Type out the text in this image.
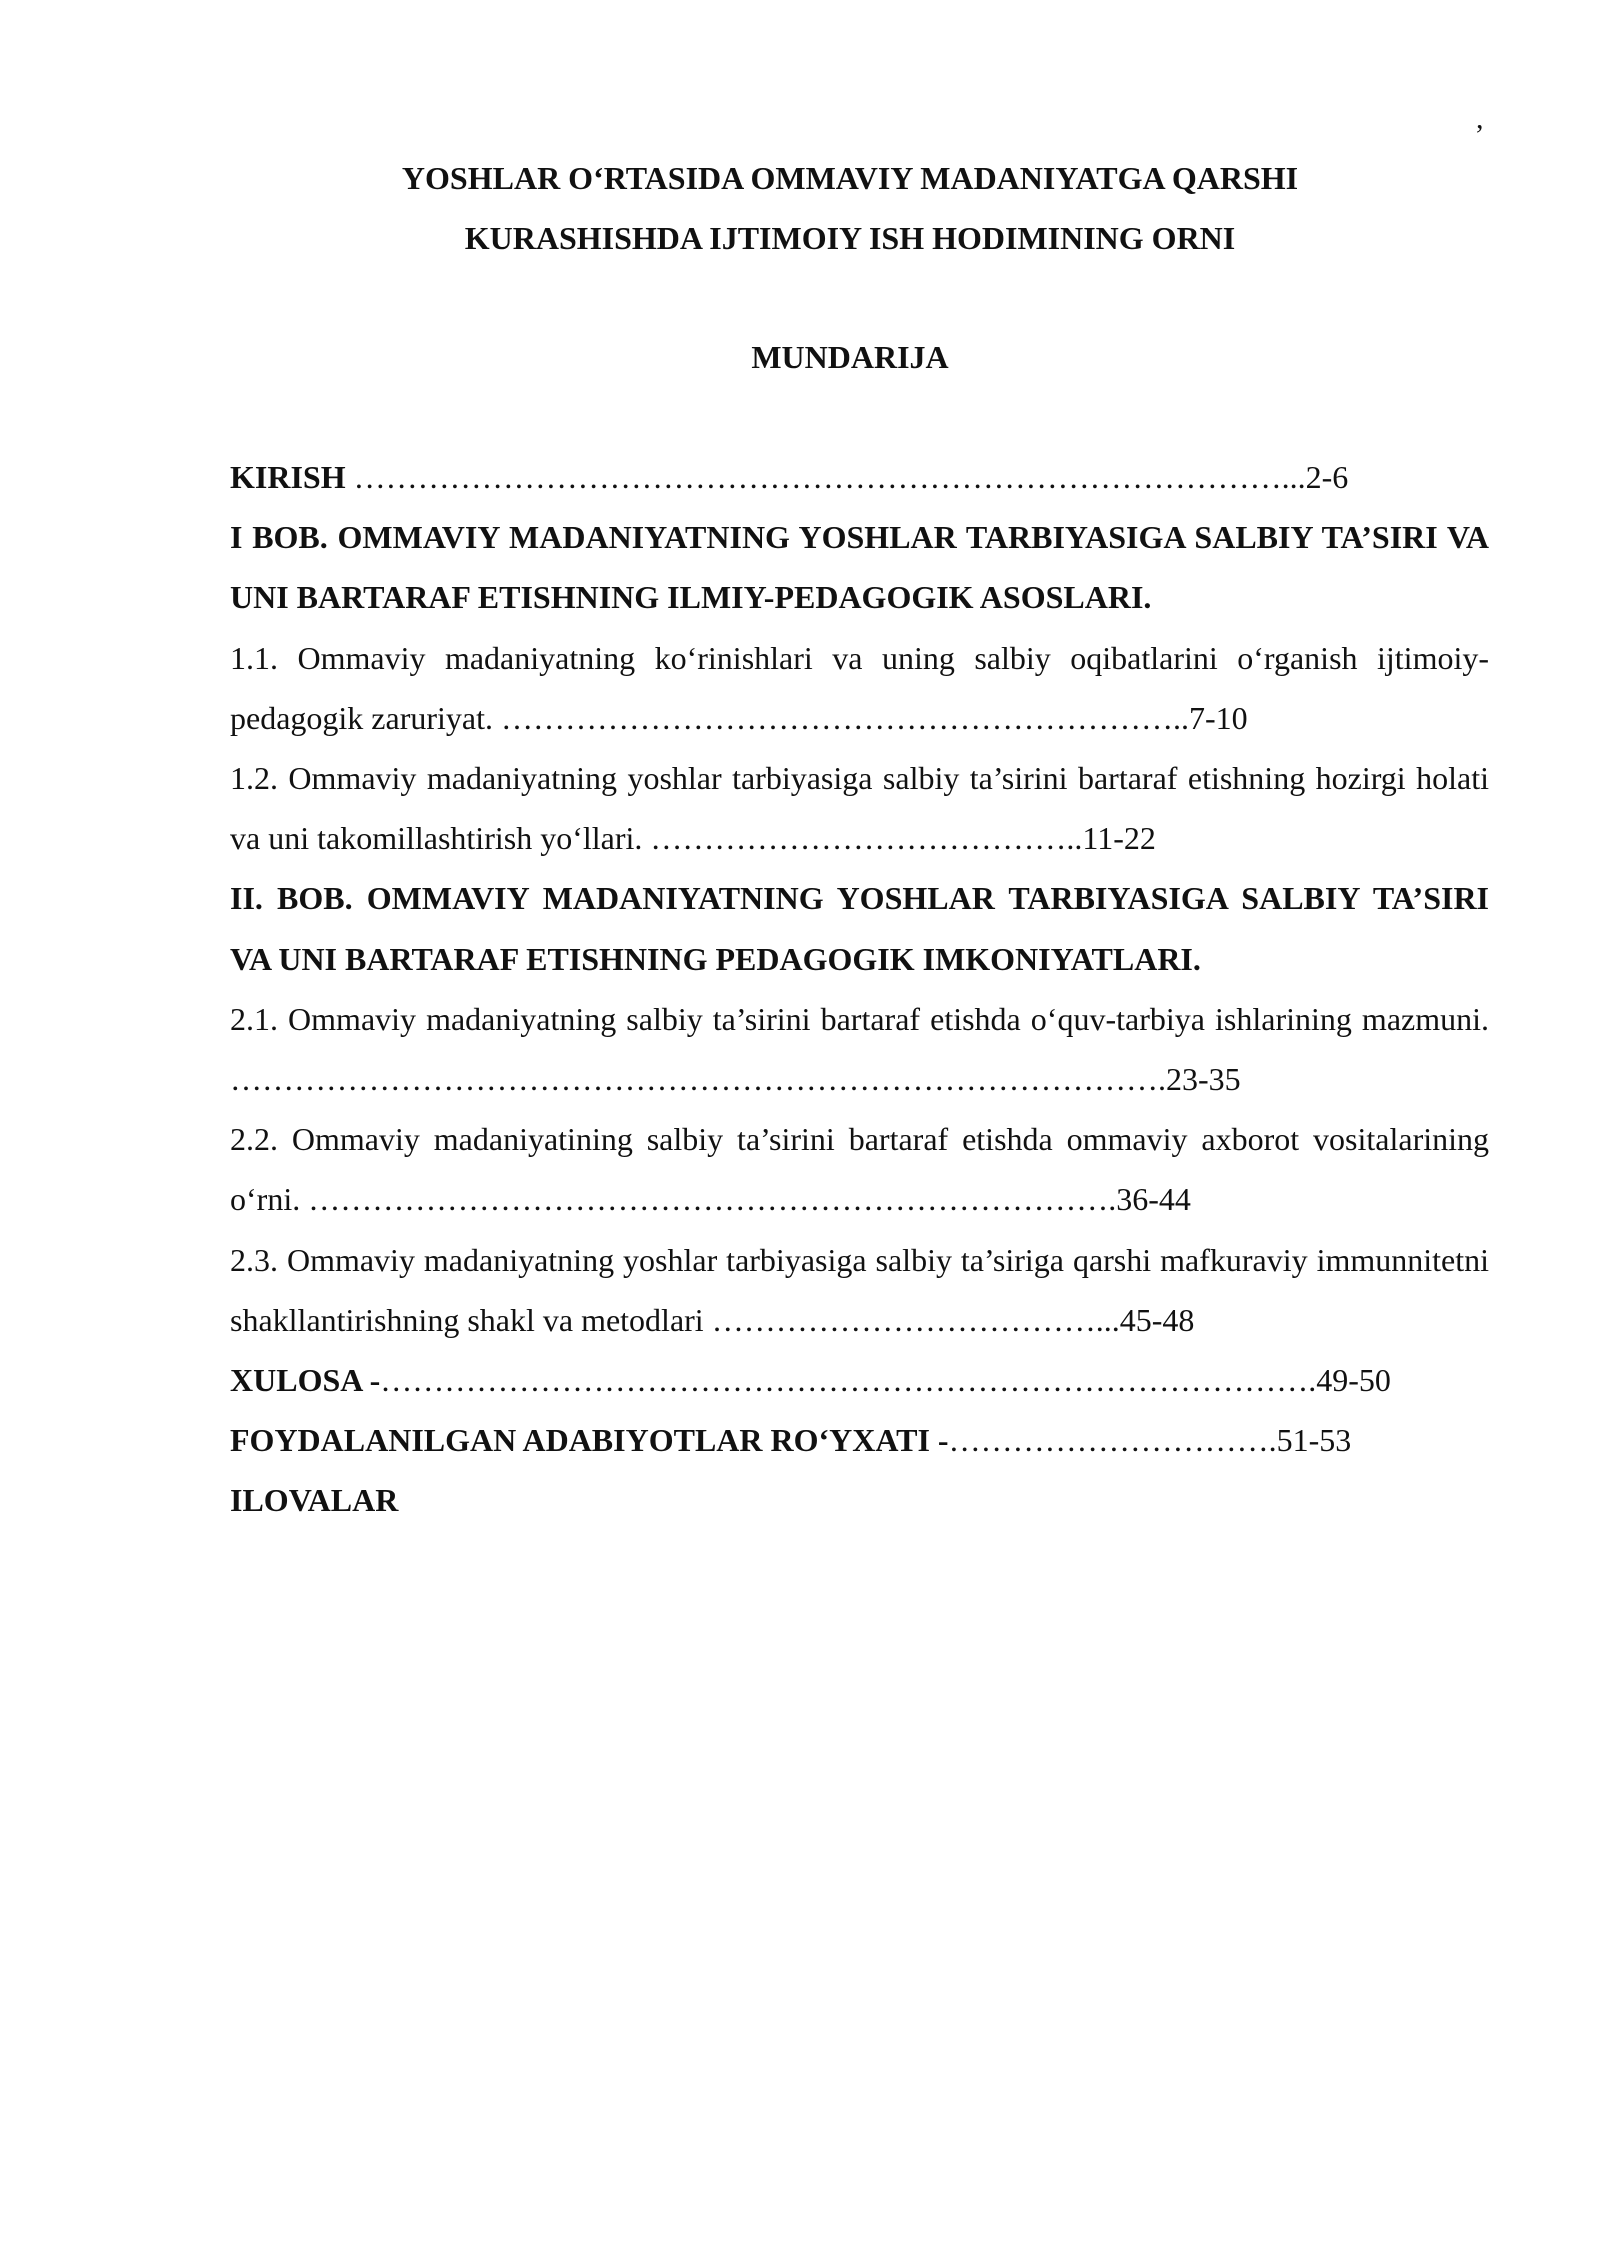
,
YOSHLAR O‘RTASIDA OMMAVIY MADANIYATGA QARSHI
KURASHISHDA IJTIMOIY ISH HODIMINING ORNI
MUNDARIJA

KIRISH ……………………………………………………………………………...2-6

I BOB. OMMAVIY MADANIYATNING YOSHLAR TARBIYASIGA SALBIY TA’SIRI VA UNI BARTARAF ETISHNING ILMIY-PEDAGOGIK ASOSLARI.

1.1. Ommaviy madaniyatning ko‘rinishlari va uning salbiy oqibatlarini o‘rganish ijtimoiy-pedagogik zaruriyat. ………………………………………………………..7-10

1.2. Ommaviy madaniyatning yoshlar tarbiyasiga salbiy ta’sirini bartaraf etishning hozirgi holati va uni takomillashtirish yo‘llari. …………………………………..11-22

II. BOB. OMMAVIY MADANIYATNING YOSHLAR TARBIYASIGA SALBIY TA’SIRI VA UNI BARTARAF ETISHNING PEDAGOGIK IMKONIYATLARI.

2.1. Ommaviy madaniyatning salbiy ta’sirini bartaraf etishda o‘quv-tarbiya ishlarining mazmuni. …………………………………………………………………………….23-35

2.2. Ommaviy madaniyatining salbiy ta’sirini bartaraf etishda ommaviy axborot vositalarining o‘rni. ………………………………………………………………….36-44

2.3. Ommaviy madaniyatning yoshlar tarbiyasiga salbiy ta’siriga qarshi mafkuraviy immunnitetni shakllantirishning shakl va metodlari ………………………………...45-48

XULOSA -…………………………………………………………………………….49-50

FOYDALANILGAN ADABIYOTLAR RO‘YXATI -………………………….51-53

ILOVALAR
